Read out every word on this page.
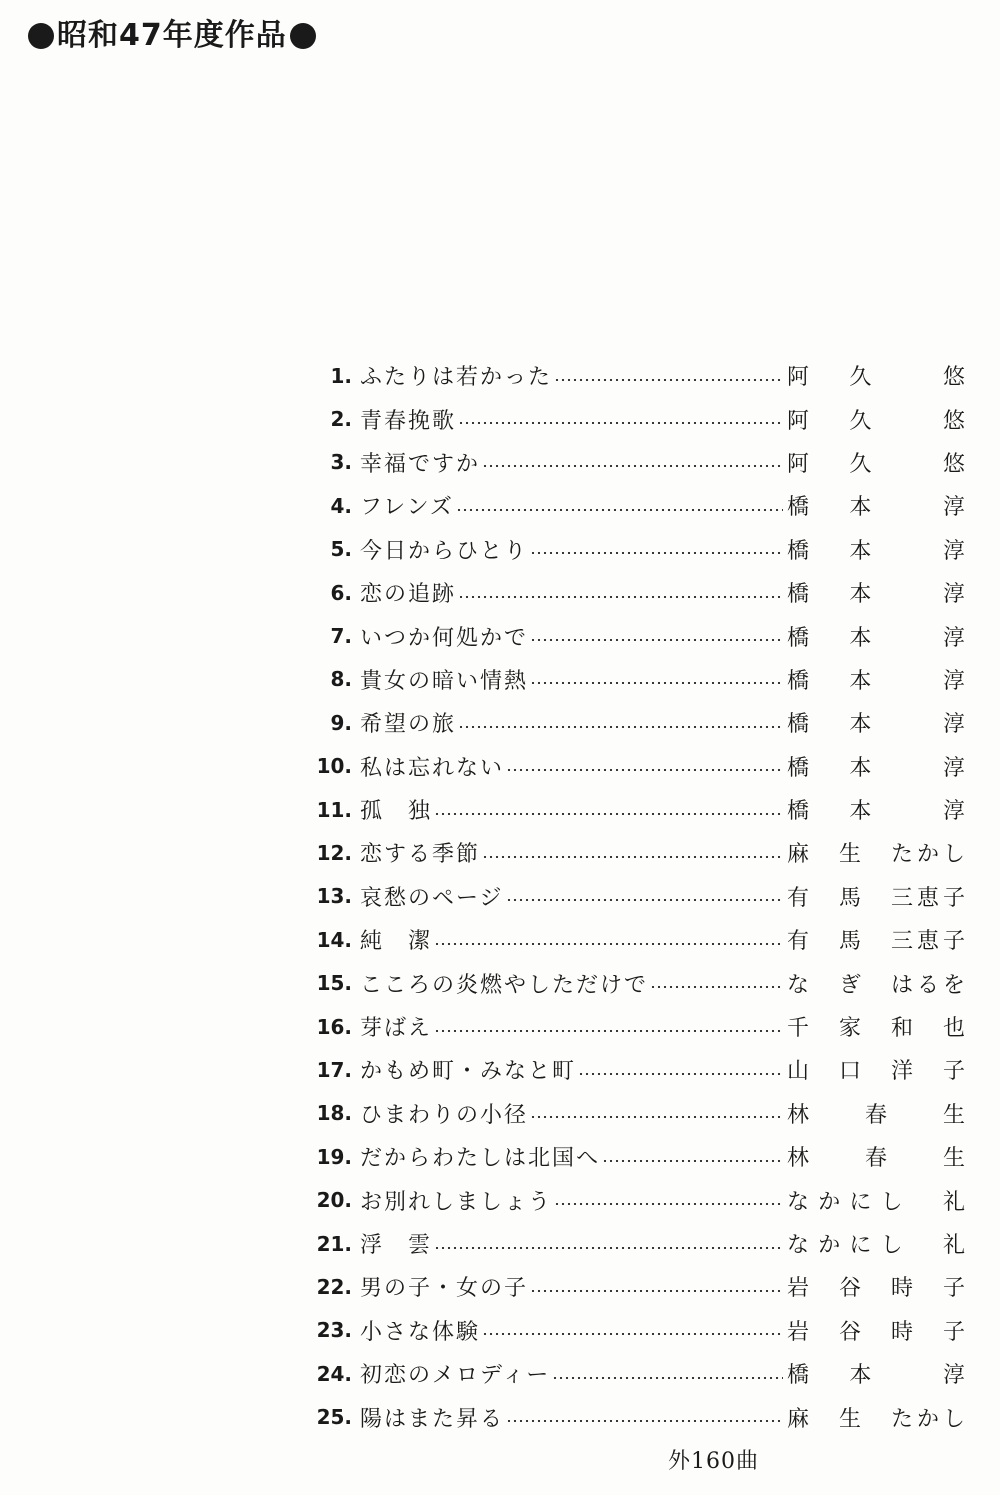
昭和47年度作品
1. ふたりは若かった	阿　久　　悠
2. 青春挽歌	阿　久　　悠
3. 幸福ですか	阿　久　　悠
4. フレンズ	橋　本　　淳
5. 今日からひとり	橋　本　　淳
6. 恋の追跡	橋　本　　淳
7. いつか何処かで	橋　本　　淳
8. 貴女の暗い情熱	橋　本　　淳
9. 希望の旅	橋　本　　淳
10. 私は忘れない	橋　本　　淳
11. 孤　独	橋　本　　淳
12. 恋する季節	麻　生　たかし
13. 哀愁のページ	有　馬　三恵子
14. 純　潔	有　馬　三恵子
15. こころの炎燃やしただけで	な　ぎ　はるを
16. 芽ばえ	千　家　和　也
17. かもめ町・みなと町	山　口　洋　子
18. ひまわりの小径	林　　春　　生
19. だからわたしは北国へ	林　　春　　生
20. お別れしましょう	なかにし　礼
21. 浮　雲	なかにし　礼
22. 男の子・女の子	岩　谷　時　子
23. 小さな体験	岩　谷　時　子
24. 初恋のメロディー	橋　本　　淳
25. 陽はまた昇る	麻　生　たかし
外160曲
